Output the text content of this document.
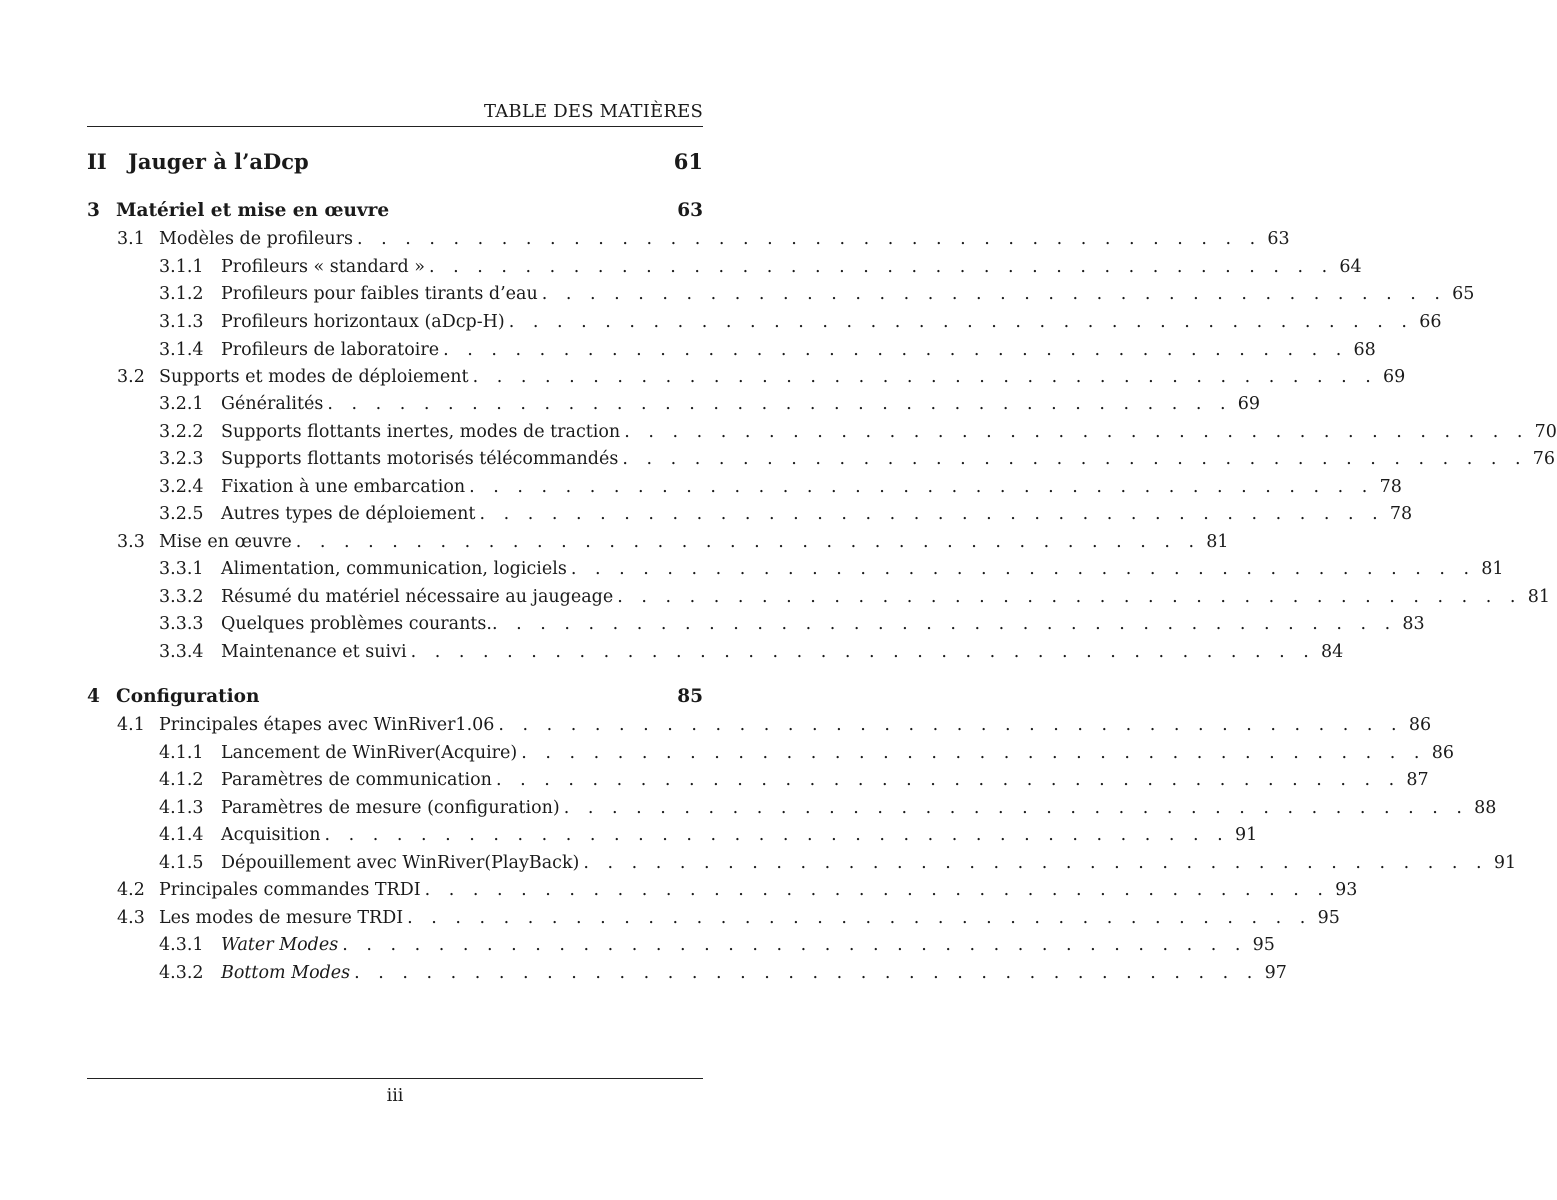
TABLE DES MATIÈRES
II	Jauger à l’aDcp	61
3 Matériel et mise en œuvre	63
3.1 Modèles de profileurs . . . . . . . . . . . . . . . . . . . . . . . . . . . . . . . . . . . . . . 63
3.1.1 Profileurs « standard » . . . . . . . . . . . . . . . . . . . . . . . . . . . . . . . . . . . . . . 64
3.1.2 Profileurs pour faibles tirants d’eau . . . . . . . . . . . . . . . . . . . . . . . . . . . . . . . . . . . . . . 65
3.1.3 Profileurs horizontaux (aDcp-H) . . . . . . . . . . . . . . . . . . . . . . . . . . . . . . . . . . . . . . 66
3.1.4 Profileurs de laboratoire . . . . . . . . . . . . . . . . . . . . . . . . . . . . . . . . . . . . . . 68
3.2 Supports et modes de déploiement . . . . . . . . . . . . . . . . . . . . . . . . . . . . . . . . . . . . . . 69
3.2.1 Généralités . . . . . . . . . . . . . . . . . . . . . . . . . . . . . . . . . . . . . . 69
3.2.2 Supports flottants inertes, modes de traction . . . . . . . . . . . . . . . . . . . . . . . . . . . . . . . . . . . . . . 70
3.2.3 Supports flottants motorisés télécommandés . . . . . . . . . . . . . . . . . . . . . . . . . . . . . . . . . . . . . . 76
3.2.4 Fixation à une embarcation . . . . . . . . . . . . . . . . . . . . . . . . . . . . . . . . . . . . . . 78
3.2.5 Autres types de déploiement . . . . . . . . . . . . . . . . . . . . . . . . . . . . . . . . . . . . . . 78
3.3 Mise en œuvre . . . . . . . . . . . . . . . . . . . . . . . . . . . . . . . . . . . . . . 81
3.3.1 Alimentation, communication, logiciels . . . . . . . . . . . . . . . . . . . . . . . . . . . . . . . . . . . . . . 81
3.3.2 Résumé du matériel nécessaire au jaugeage . . . . . . . . . . . . . . . . . . . . . . . . . . . . . . . . . . . . . . 81
3.3.3 Quelques problèmes courants. . . . . . . . . . . . . . . . . . . . . . . . . . . . . . . . . . . . . . . 83
3.3.4 Maintenance et suivi . . . . . . . . . . . . . . . . . . . . . . . . . . . . . . . . . . . . . . 84
4 Configuration	85
4.1 Principales étapes avec WinRiver1.06 . . . . . . . . . . . . . . . . . . . . . . . . . . . . . . . . . . . . . . 86
4.1.1 Lancement de WinRiver(Acquire) . . . . . . . . . . . . . . . . . . . . . . . . . . . . . . . . . . . . . . 86
4.1.2 Paramètres de communication . . . . . . . . . . . . . . . . . . . . . . . . . . . . . . . . . . . . . . 87
4.1.3 Paramètres de mesure (configuration) . . . . . . . . . . . . . . . . . . . . . . . . . . . . . . . . . . . . . . 88
4.1.4 Acquisition . . . . . . . . . . . . . . . . . . . . . . . . . . . . . . . . . . . . . . 91
4.1.5 Dépouillement avec WinRiver(PlayBack) . . . . . . . . . . . . . . . . . . . . . . . . . . . . . . . . . . . . . . 91
4.2 Principales commandes TRDI . . . . . . . . . . . . . . . . . . . . . . . . . . . . . . . . . . . . . . 93
4.3 Les modes de mesure TRDI . . . . . . . . . . . . . . . . . . . . . . . . . . . . . . . . . . . . . . 95
4.3.1 Water Modes . . . . . . . . . . . . . . . . . . . . . . . . . . . . . . . . . . . . . . 95
4.3.2 Bottom Modes . . . . . . . . . . . . . . . . . . . . . . . . . . . . . . . . . . . . . . 97
iii
